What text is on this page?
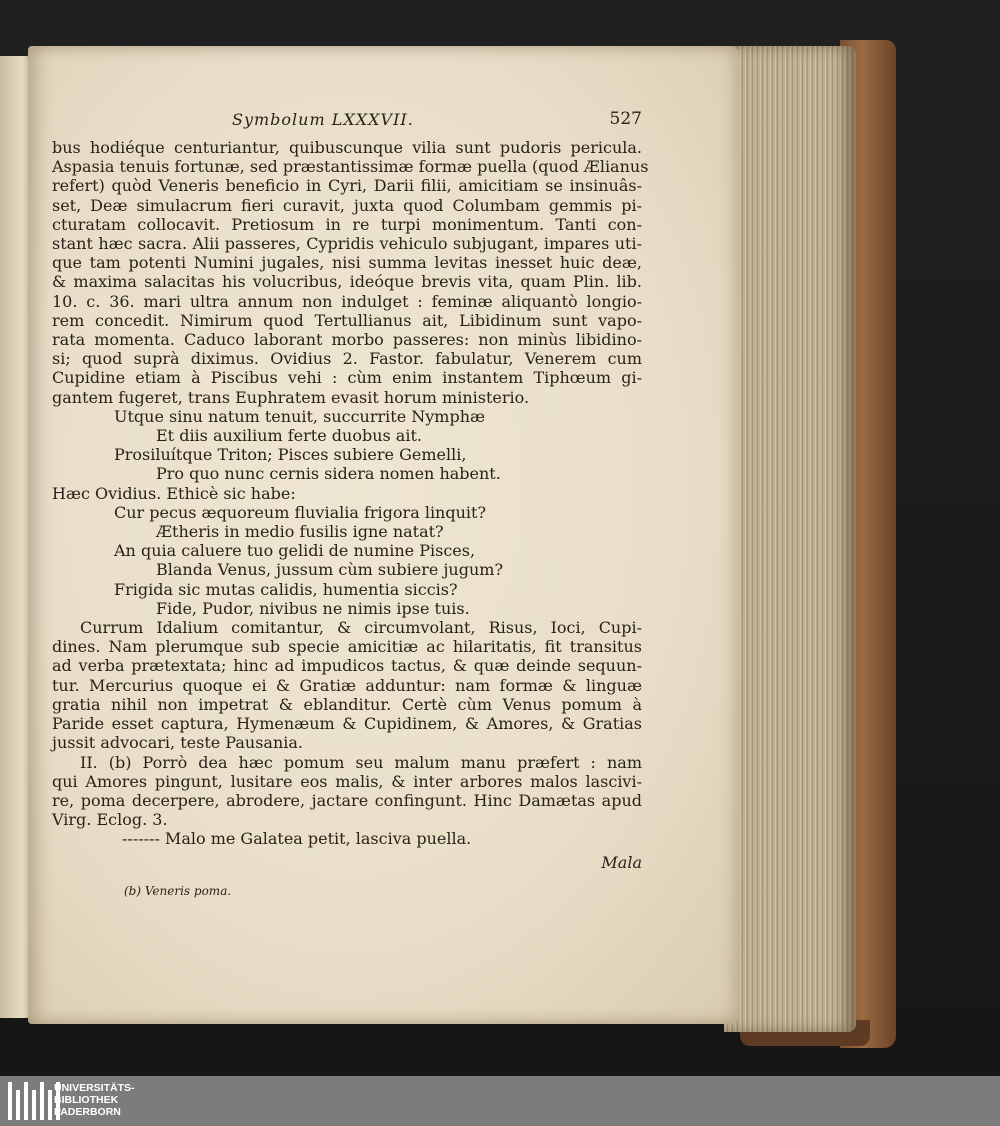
Symbolum LXXXVII.	527
bus hodiéque centuriantur, quibuscunque vilia sunt pudoris pericula.
Aspasia tenuis fortunæ, sed præstantissimæ formæ puella (quod Ælianus
refert) quòd Veneris beneficio in Cyri, Darii filii, amicitiam se insinuâs-
set, Deæ simulacrum fieri curavit, juxta quod Columbam gemmis pi-
cturatam collocavit. Pretiosum in re turpi monimentum. Tanti con-
stant hæc sacra. Alii passeres, Cypridis vehiculo subjugant, impares uti-
que tam potenti Numini jugales, nisi summa levitas inesset huic deæ,
& maxima salacitas his volucribus, ideóque brevis vita, quam Plin. lib.
10. c. 36. mari ultra annum non indulget : feminæ aliquantò longio-
rem concedit. Nimirum quod Tertullianus ait, Libidinum sunt vapo-
rata momenta. Caduco laborant morbo passeres: non minùs libidino-
si; quod suprà diximus. Ovidius 2. Fastor. fabulatur, Venerem cum
Cupidine etiam à Piscibus vehi : cùm enim instantem Tiphœum gi-
gantem fugeret, trans Euphratem evasit horum ministerio.
Utque sinu natum tenuit, succurrite Nymphæ
Et diis auxilium ferte duobus ait.
Prosiluítque Triton; Pisces subiere Gemelli,
Pro quo nunc cernis sidera nomen habent.
Hæc Ovidius. Ethicè sic habe:
Cur pecus æquoreum fluvialia frigora linquit?
Ætheris in medio fusilis igne natat?
An quia caluere tuo gelidi de numine Pisces,
Blanda Venus, jussum cùm subiere jugum?
Frigida sic mutas calidis, humentia siccis?
Fide, Pudor, nivibus ne nimis ipse tuis.
Currum Idalium comitantur, & circumvolant, Risus, Ioci, Cupi-
dines. Nam plerumque sub specie amicitiæ ac hilaritatis, fit transitus
ad verba prætextata; hinc ad impudicos tactus, & quæ deinde sequun-
tur. Mercurius quoque ei & Gratiæ adduntur: nam formæ & linguæ
gratia nihil non impetrat & eblanditur. Certè cùm Venus pomum à
Paride esset captura, Hymenæum & Cupidinem, & Amores, & Gratias
jussit advocari, teste Pausania.
II. (b) Porrò dea hæc pomum seu malum manu præfert : nam
qui Amores pingunt, lusitare eos malis, & inter arbores malos lascivi-
re, poma decerpere, abrodere, jactare confingunt. Hinc Damætas apud
Virg. Eclog. 3.
------- Malo me Galatea petit, lasciva puella.
Mala
(b) Veneris poma.
UNIVERSITÄTS-
BIBLIOTHEK
PADERBORN
